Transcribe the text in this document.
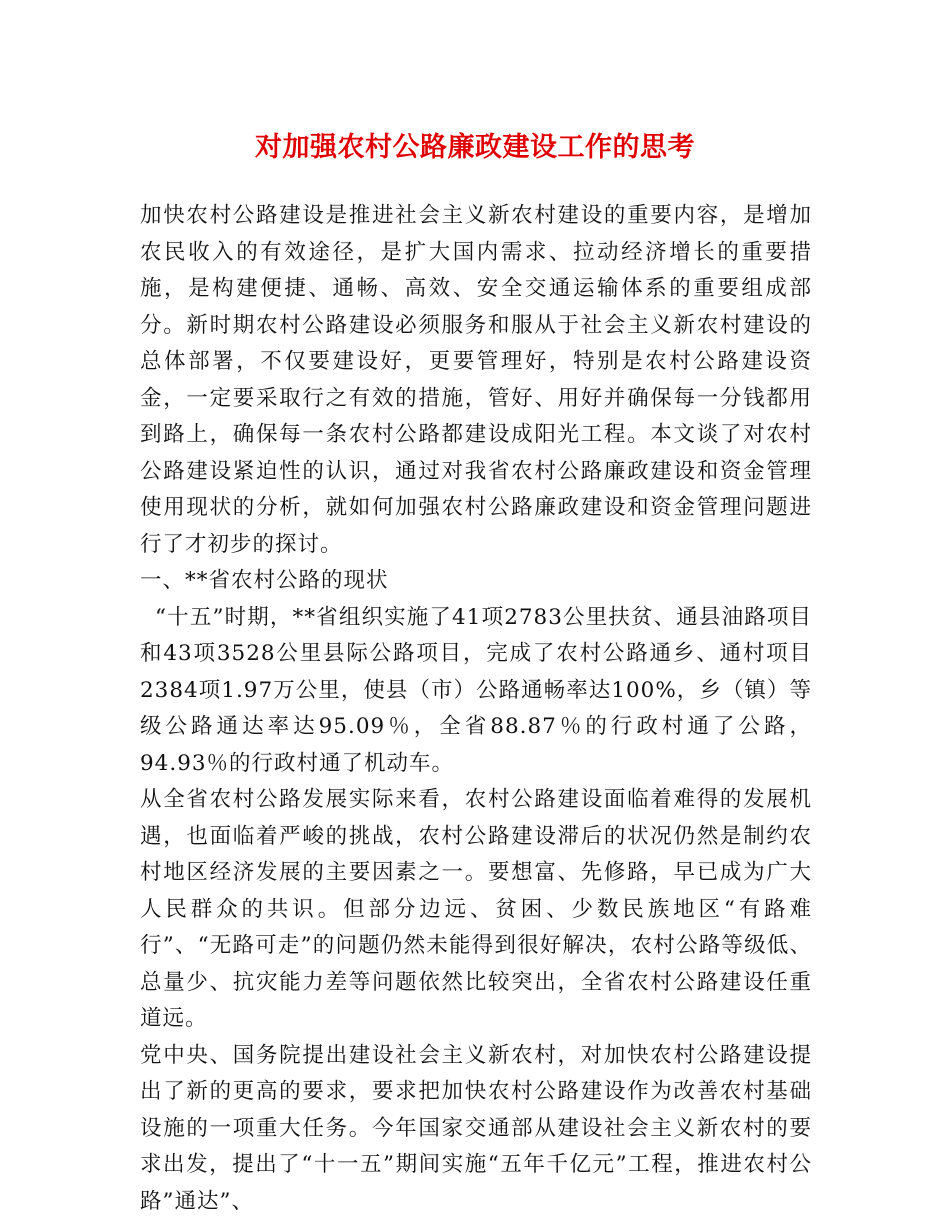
对加强农村公路廉政建设工作的思考

加快农村公路建设是推进社会主义新农村建设的重要内容，是增加农民收入的有效途径，是扩大国内需求、拉动经济增长的重要措施，是构建便捷、通畅、高效、安全交通运输体系的重要组成部分。新时期农村公路建设必须服务和服从于社会主义新农村建设的总体部署，不仅要建设好，更要管理好，特别是农村公路建设资金，一定要采取行之有效的措施，管好、用好并确保每一分钱都用到路上，确保每一条农村公路都建设成阳光工程。本文谈了对农村公路建设紧迫性的认识，通过对我省农村公路廉政建设和资金管理使用现状的分析，就如何加强农村公路廉政建设和资金管理问题进行了才初步的探讨。

一、**省农村公路的现状

“十五”时期，**省组织实施了41项2783公里扶贫、通县油路项目和43项3528公里县际公路项目，完成了农村公路通乡、通村项目2384项1.97万公里，使县（市）公路通畅率达100%，乡（镇）等级公路通达率达95.09％，全省88.87％的行政村通了公路，94.93％的行政村通了机动车。

从全省农村公路发展实际来看，农村公路建设面临着难得的发展机遇，也面临着严峻的挑战，农村公路建设滞后的状况仍然是制约农村地区经济发展的主要因素之一。要想富、先修路，早已成为广大人民群众的共识。但部分边远、贫困、少数民族地区“有路难行”、“无路可走”的问题仍然未能得到很好解决，农村公路等级低、总量少、抗灾能力差等问题依然比较突出，全省农村公路建设任重道远。

党中央、国务院提出建设社会主义新农村，对加快农村公路建设提出了新的更高的要求，要求把加快农村公路建设作为改善农村基础设施的一项重大任务。今年国家交通部从建设社会主义新农村的要求出发，提出了“十一五”期间实施“五年千亿元”工程，推进农村公路”通达”、
